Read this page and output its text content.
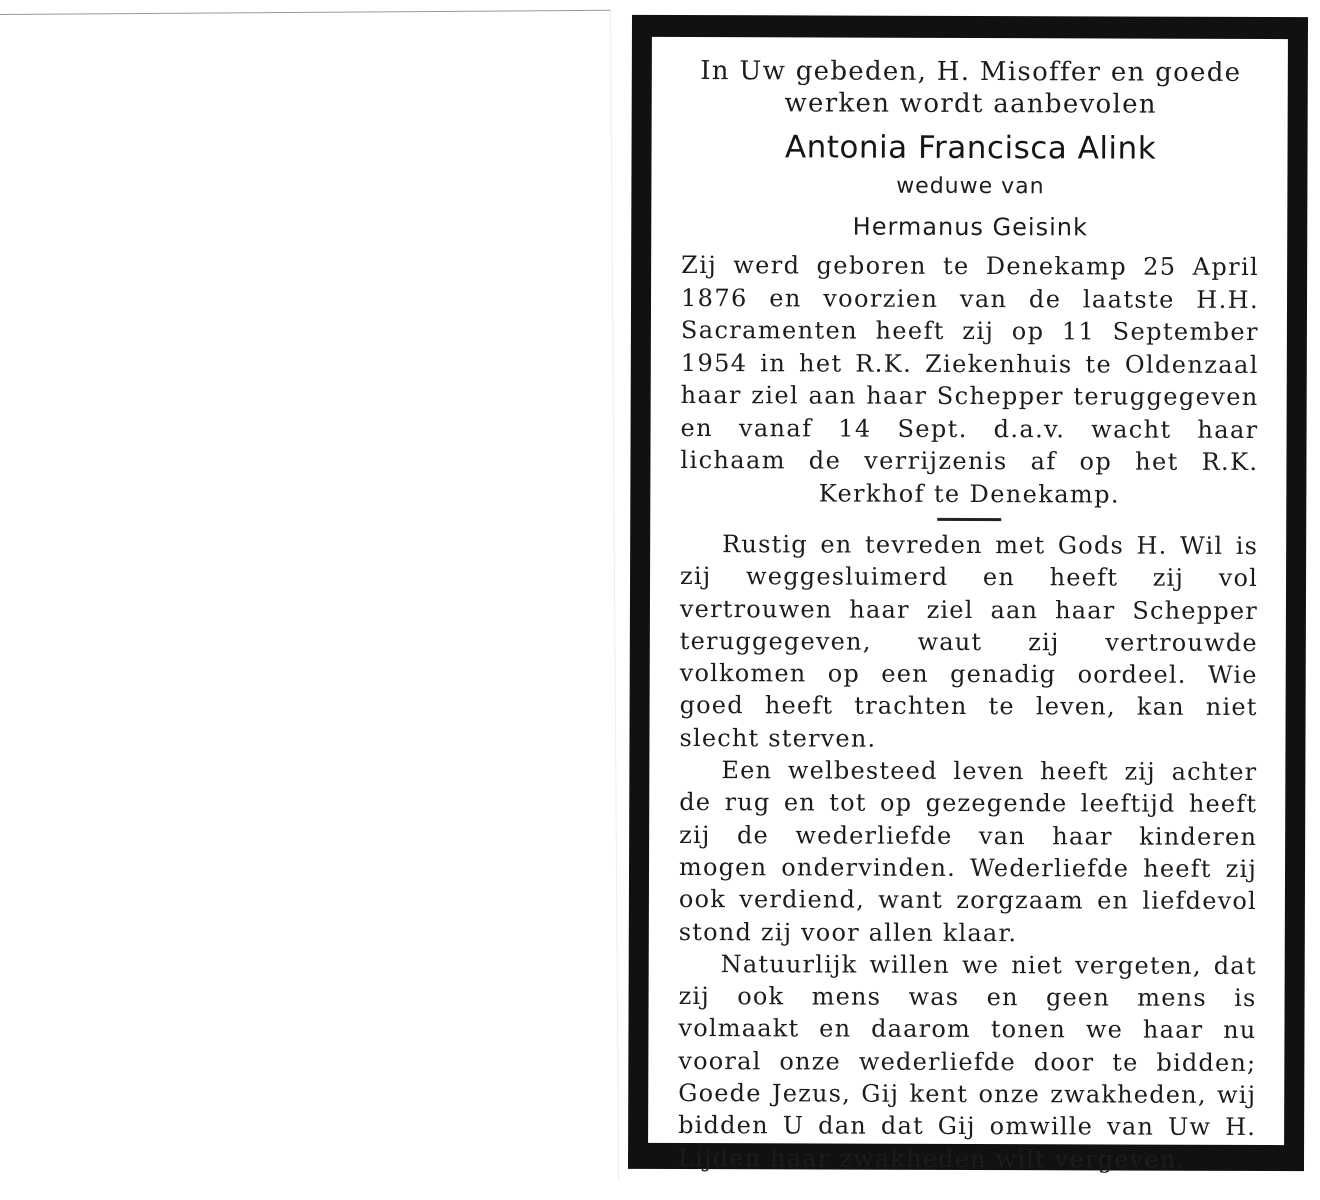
In Uw gebeden, H. Misoffer en goede werken wordt aanbevolen

Antonia Francisca Alink

weduwe van

Hermanus Geisink

Zij werd geboren te Denekamp 25 April 1876 en voorzien van de laatste H.H. Sacramenten heeft zij op 11 September 1954 in het R.K. Ziekenhuis te Oldenzaal haar ziel aan haar Schepper teruggegeven en vanaf 14 Sept. d.a.v. wacht haar lichaam de verrijzenis af op het R.K. Kerkhof te Denekamp.

Rustig en tevreden met Gods H. Wil is zij weggesluimerd en heeft zij vol vertrouwen haar ziel aan haar Schepper teruggegeven, waut zij vertrouwde volkomen op een genadig oordeel. Wie goed heeft trachten te leven, kan niet slecht sterven.

Een welbesteed leven heeft zij achter de rug en tot op gezegende leeftijd heeft zij de wederliefde van haar kinderen mogen ondervinden. Wederliefde heeft zij ook verdiend, want zorgzaam en liefdevol stond zij voor allen klaar.

Natuurlijk willen we niet vergeten, dat zij ook mens was en geen mens is volmaakt en daarom tonen we haar nu vooral onze wederliefde door te bidden; Goede Jezus, Gij kent onze zwakheden, wij bidden U dan dat Gij omwille van Uw H. Lijden haar zwakheden wilt vergeven.
